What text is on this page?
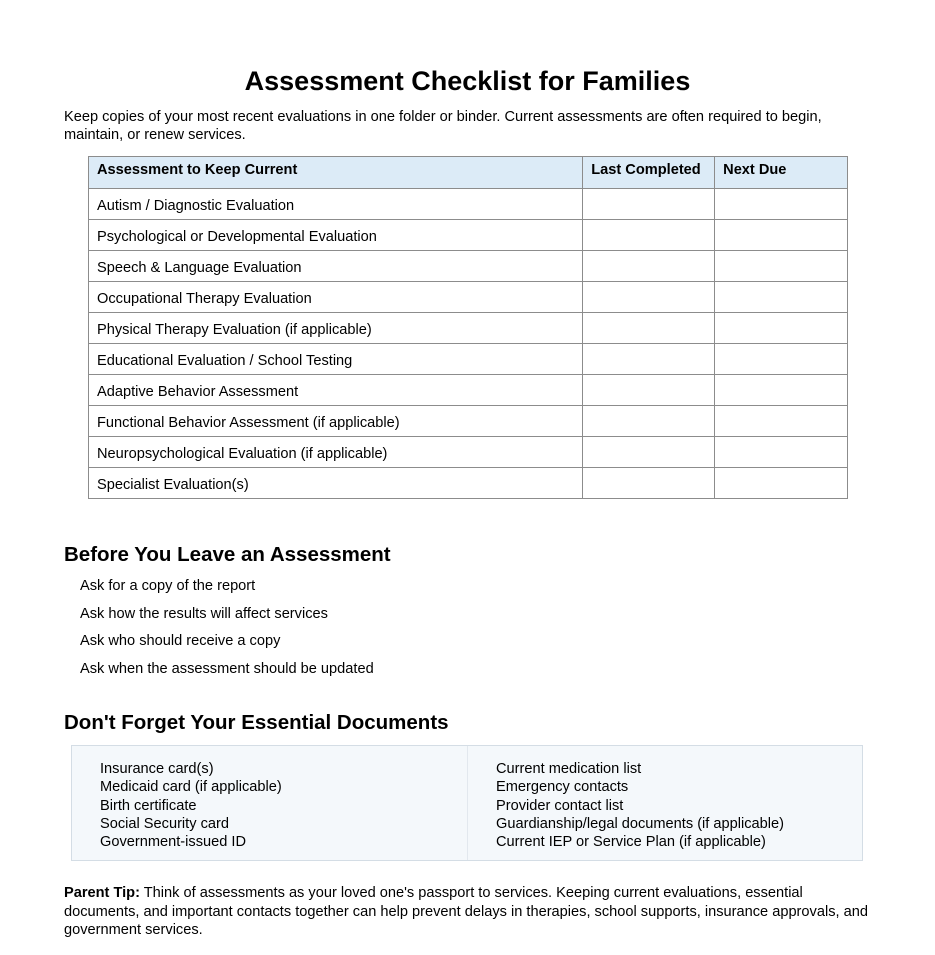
Assessment Checklist for Families
Keep copies of your most recent evaluations in one folder or binder. Current assessments are often required to begin, maintain, or renew services.
Assessment to Keep Current	Last Completed	Next Due
Autism / Diagnostic Evaluation		
Psychological or Developmental Evaluation		
Speech & Language Evaluation		
Occupational Therapy Evaluation		
Physical Therapy Evaluation (if applicable)		
Educational Evaluation / School Testing		
Adaptive Behavior Assessment		
Functional Behavior Assessment (if applicable)		
Neuropsychological Evaluation (if applicable)		
Specialist Evaluation(s)		
Before You Leave an Assessment
Ask for a copy of the report
Ask how the results will affect services
Ask who should receive a copy
Ask when the assessment should be updated
Don't Forget Your Essential Documents
Insurance card(s)
Medicaid card (if applicable)
Birth certificate
Social Security card
Government-issued ID
Current medication list
Emergency contacts
Provider contact list
Guardianship/legal documents (if applicable)
Current IEP or Service Plan (if applicable)
Parent Tip: Think of assessments as your loved one's passport to services. Keeping current evaluations, essential documents, and important contacts together can help prevent delays in therapies, school supports, insurance approvals, and government services.
